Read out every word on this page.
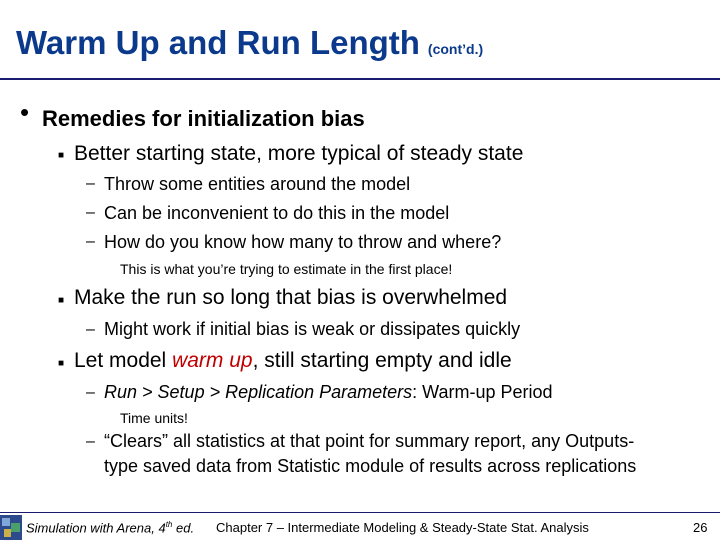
Warm Up and Run Length (cont’d.)
• Remedies for initialization bias
■ Better starting state, more typical of steady state
– Throw some entities around the model
– Can be inconvenient to do this in the model
– How do you know how many to throw and where?
This is what you’re trying to estimate in the first place!
■ Make the run so long that bias is overwhelmed
– Might work if initial bias is weak or dissipates quickly
■ Let model warm up, still starting empty and idle
– Run > Setup > Replication Parameters: Warm-up Period
Time units!
– “Clears” all statistics at that point for summary report, any Outputs-
type saved data from Statistic module of results across replications
Simulation with Arena, 4th ed. Chapter 7 – Intermediate Modeling & Steady-State Stat. Analysis	26
